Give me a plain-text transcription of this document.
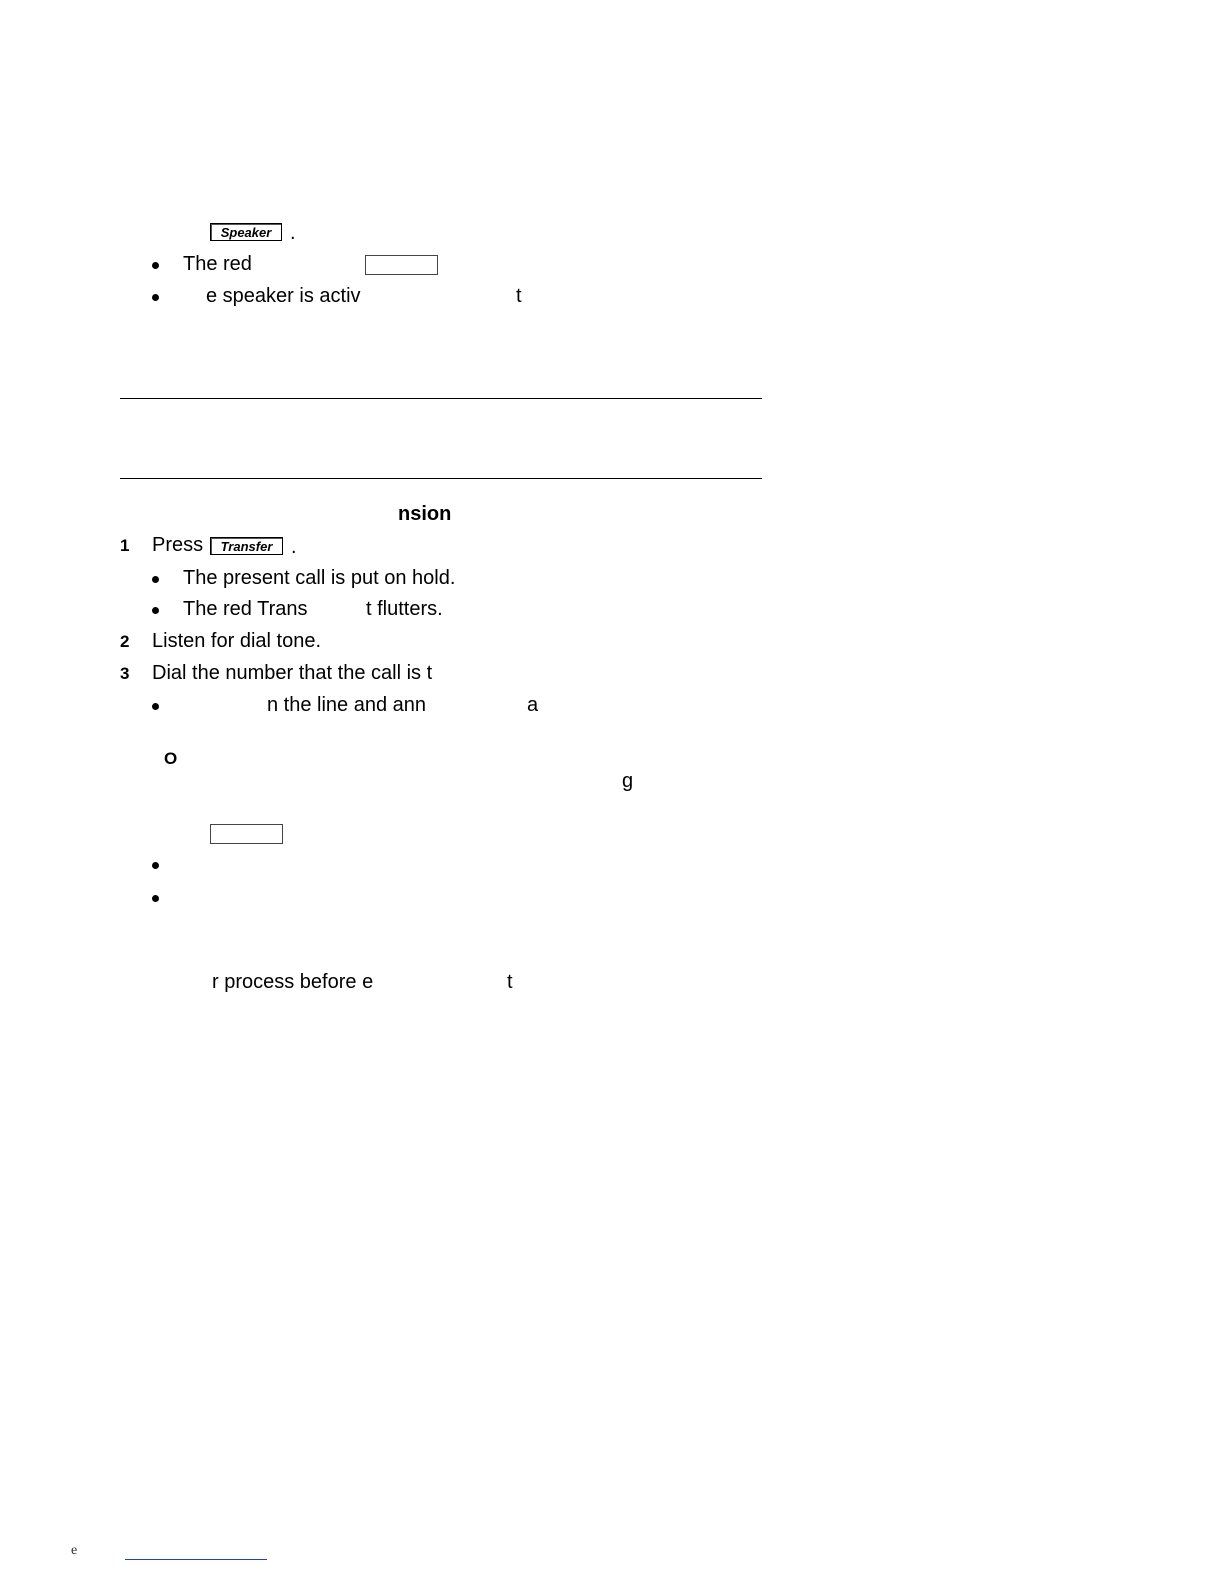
Speaker .
The red
e speaker is activ	t
nsion
1 Press	Transfer .
The present call is put on hold.
The red Trans	t flutters.
2 Listen for dial tone.
3 Dial the number that the call is t
n the line and ann	a
O
g
r process before e	t
e
